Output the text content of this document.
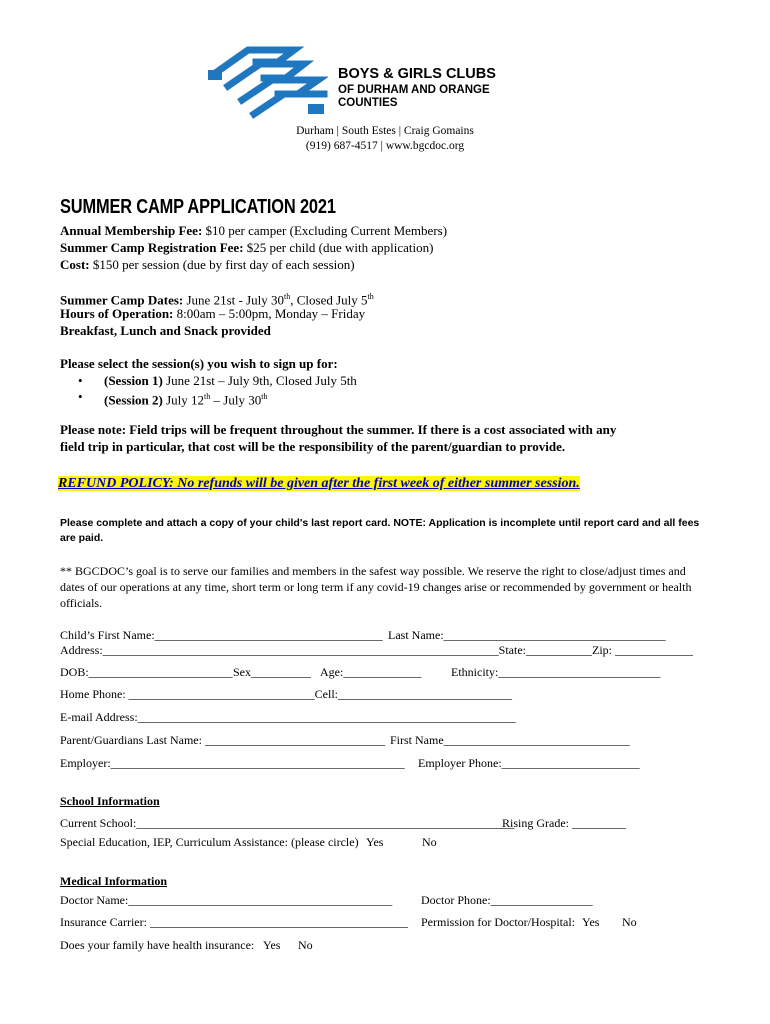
BOYS & GIRLS CLUBS
OF DURHAM AND ORANGE
COUNTIES
Durham | South Estes | Craig Gomains
(919) 687-4517 | www.bgcdoc.org
SUMMER CAMP APPLICATION 2021
Annual Membership Fee: $10 per camper (Excluding Current Members)
Summer Camp Registration Fee: $25 per child (due with application)
Cost: $150 per session (due by first day of each session)
Summer Camp Dates: June 21st - July 30th, Closed July 5th
Hours of Operation: 8:00am – 5:00pm, Monday – Friday
Breakfast, Lunch and Snack provided
Please select the session(s) you wish to sign up for:
• (Session 1) June 21st – July 9th, Closed July 5th
• (Session 2) July 12th – July 30th
Please note: Field trips will be frequent throughout the summer. If there is a cost associated with any
field trip in particular, that cost will be the responsibility of the parent/guardian to provide.
REFUND POLICY: No refunds will be given after the first week of either summer session.
Please complete and attach a copy of your child's last report card. NOTE: Application is incomplete until report card and all fees are paid.
** BGCDOC’s goal is to serve our families and members in the safest way possible. We reserve the right to close/adjust times and dates of our operations at any time, short term or long term if any covid-19 changes arise or recommended by government or health officials.
Child’s First Name:______________________________________ Last Name:_____________________________________
Address:__________________________________________________________________State:___________Zip: _____________
DOB:________________________ Sex__________ Age:_____________ Ethnicity:___________________________
Home Phone: _______________________________Cell:_____________________________
E-mail Address:_______________________________________________________________
Parent/Guardians Last Name: ______________________________ First Name_______________________________
Employer:_________________________________________________ Employer Phone:_______________________
School Information
Current School:_______________________________________________________________
Rising Grade: _________
Special Education, IEP, Curriculum Assistance: (please circle) Yes	No
Medical Information
Doctor Name:____________________________________________ Doctor Phone:_________________
Insurance Carrier: ___________________________________________ Permission for Doctor/Hospital: Yes No
Does your family have health insurance: Yes No
